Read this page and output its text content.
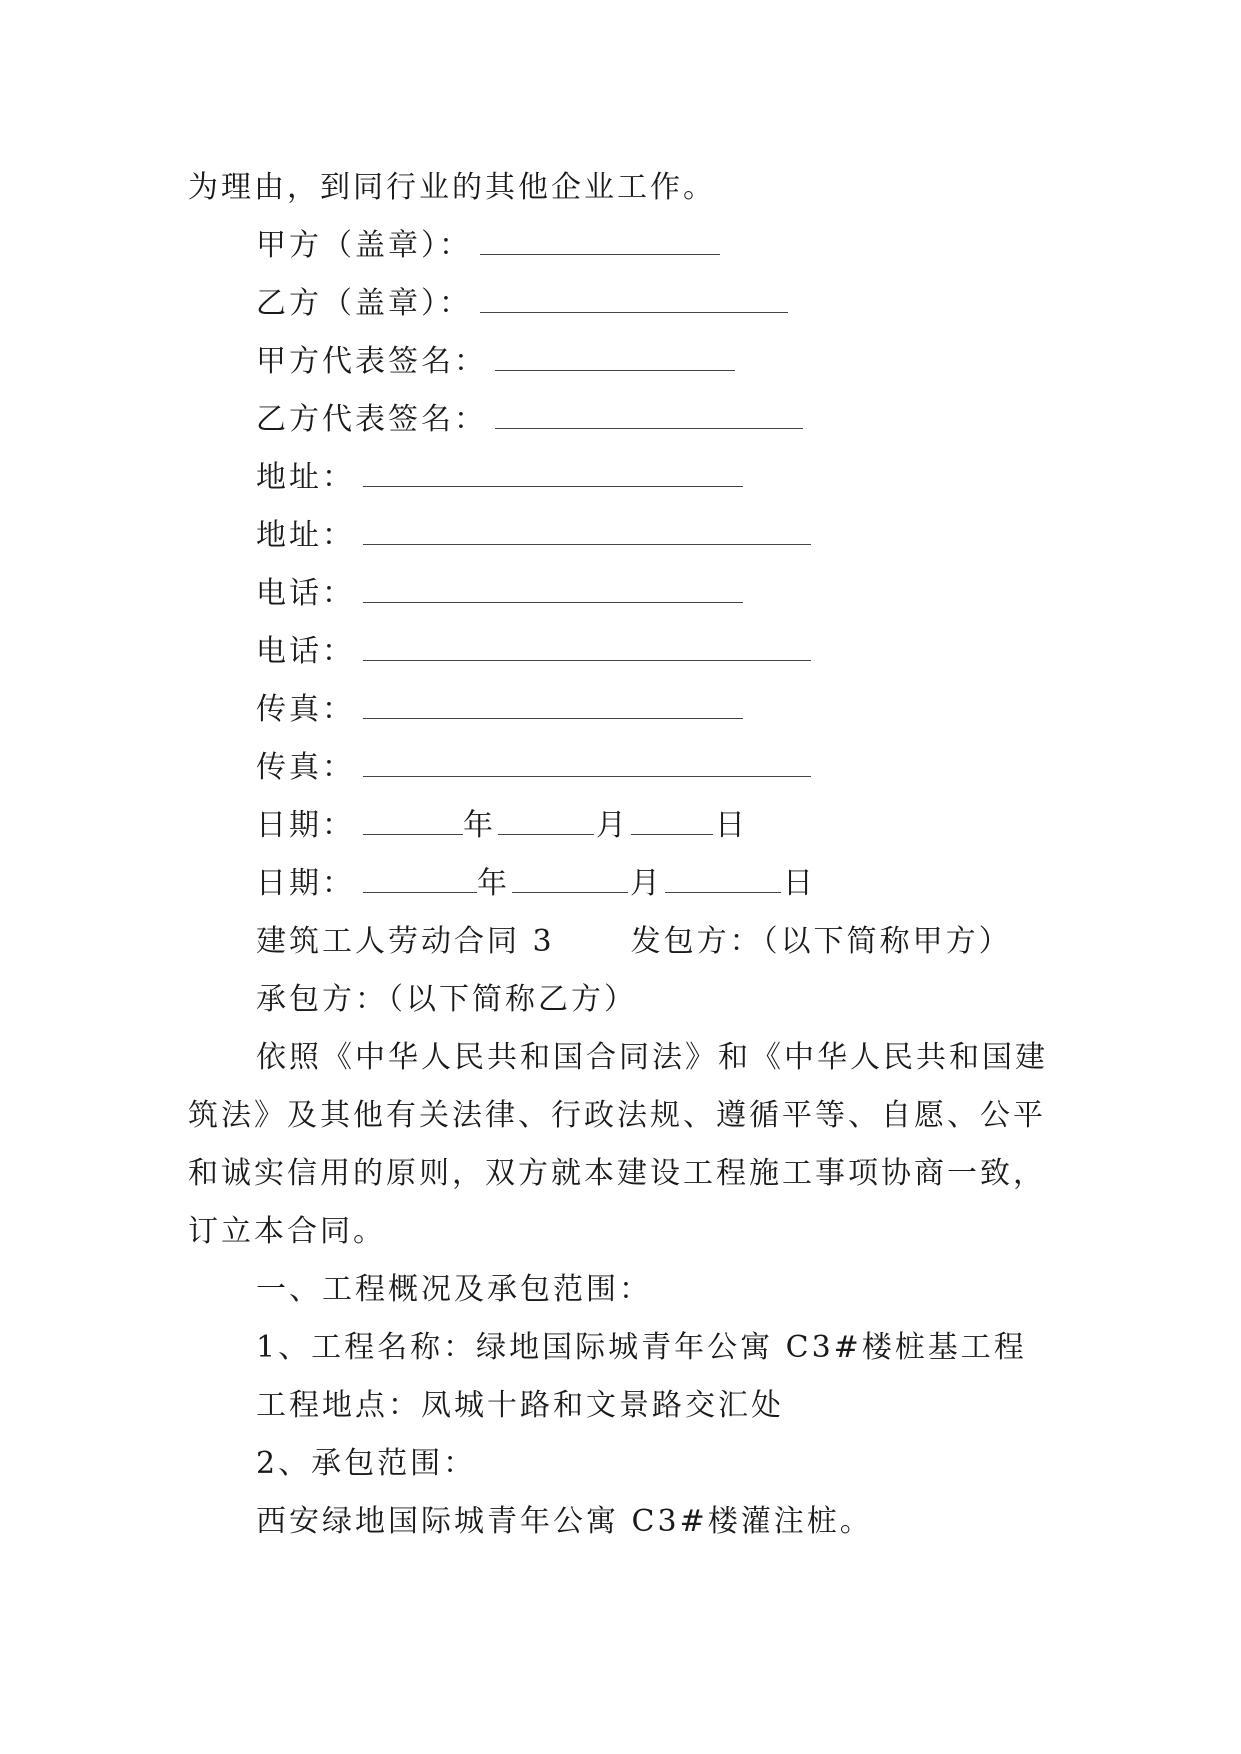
为理由，到同行业的其他企业工作。
甲方（盖章）：
乙方（盖章）：
甲方代表签名：
乙方代表签名：
地址：
地址：
电话：
电话：
传真：
传真：
日期：	年	月	日
日期：	年	月	日
建筑工人劳动合同 3	发包方：（以下简称甲方）
承包方：（以下简称乙方）
依照《中华人民共和国合同法》和《中华人民共和国建
筑法》及其他有关法律、行政法规、遵循平等、自愿、公平
和诚实信用的原则，双方就本建设工程施工事项协商一致，
订立本合同。
一、工程概况及承包范围：
1、工程名称：绿地国际城青年公寓 C3#楼桩基工程
工程地点：凤城十路和文景路交汇处
2、承包范围：
西安绿地国际城青年公寓 C3#楼灌注桩。
